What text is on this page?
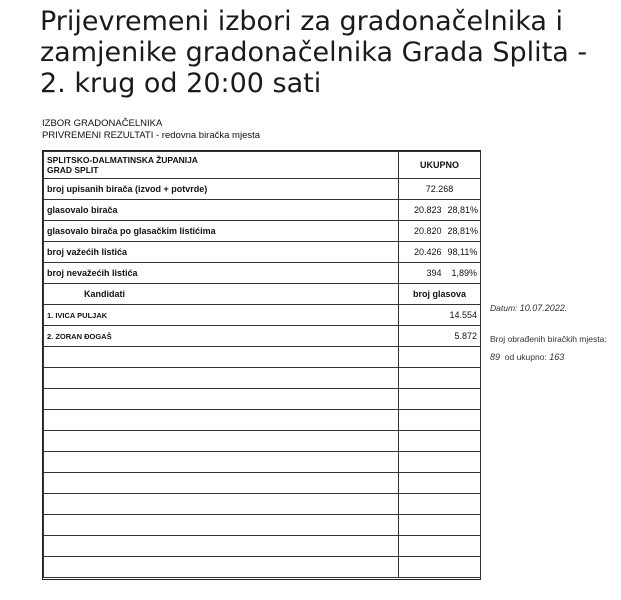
Prijevremeni izbori za gradonačelnika i zamjenike gradonačelnika Grada Splita - 2. krug od 20:00 sati
IZBOR GRADONAČELNIKA
PRIVREMENI REZULTATI - redovna biračka mjesta
SPLITSKO-DALMATINSKA ŽUPANIJA
GRAD SPLIT	UKUPNO	
broj upisanih birača (izvod + potvrde)	72.268	
glasovalo birača	20.823	28,81%
glasovalo birača po glasačkim listićima	20.820	28,81%
broj važećih listića	20.426	98,11%
broj nevažećih listića	394	1,89%
Kandidati	broj glasova	
1. IVICA PULJAK	14.554	
2. ZORAN ĐOGAŠ	5.872	

Datum: 10.07.2022.
Broj obrađenih biračkih mjesta:
89 od ukupno: 163
